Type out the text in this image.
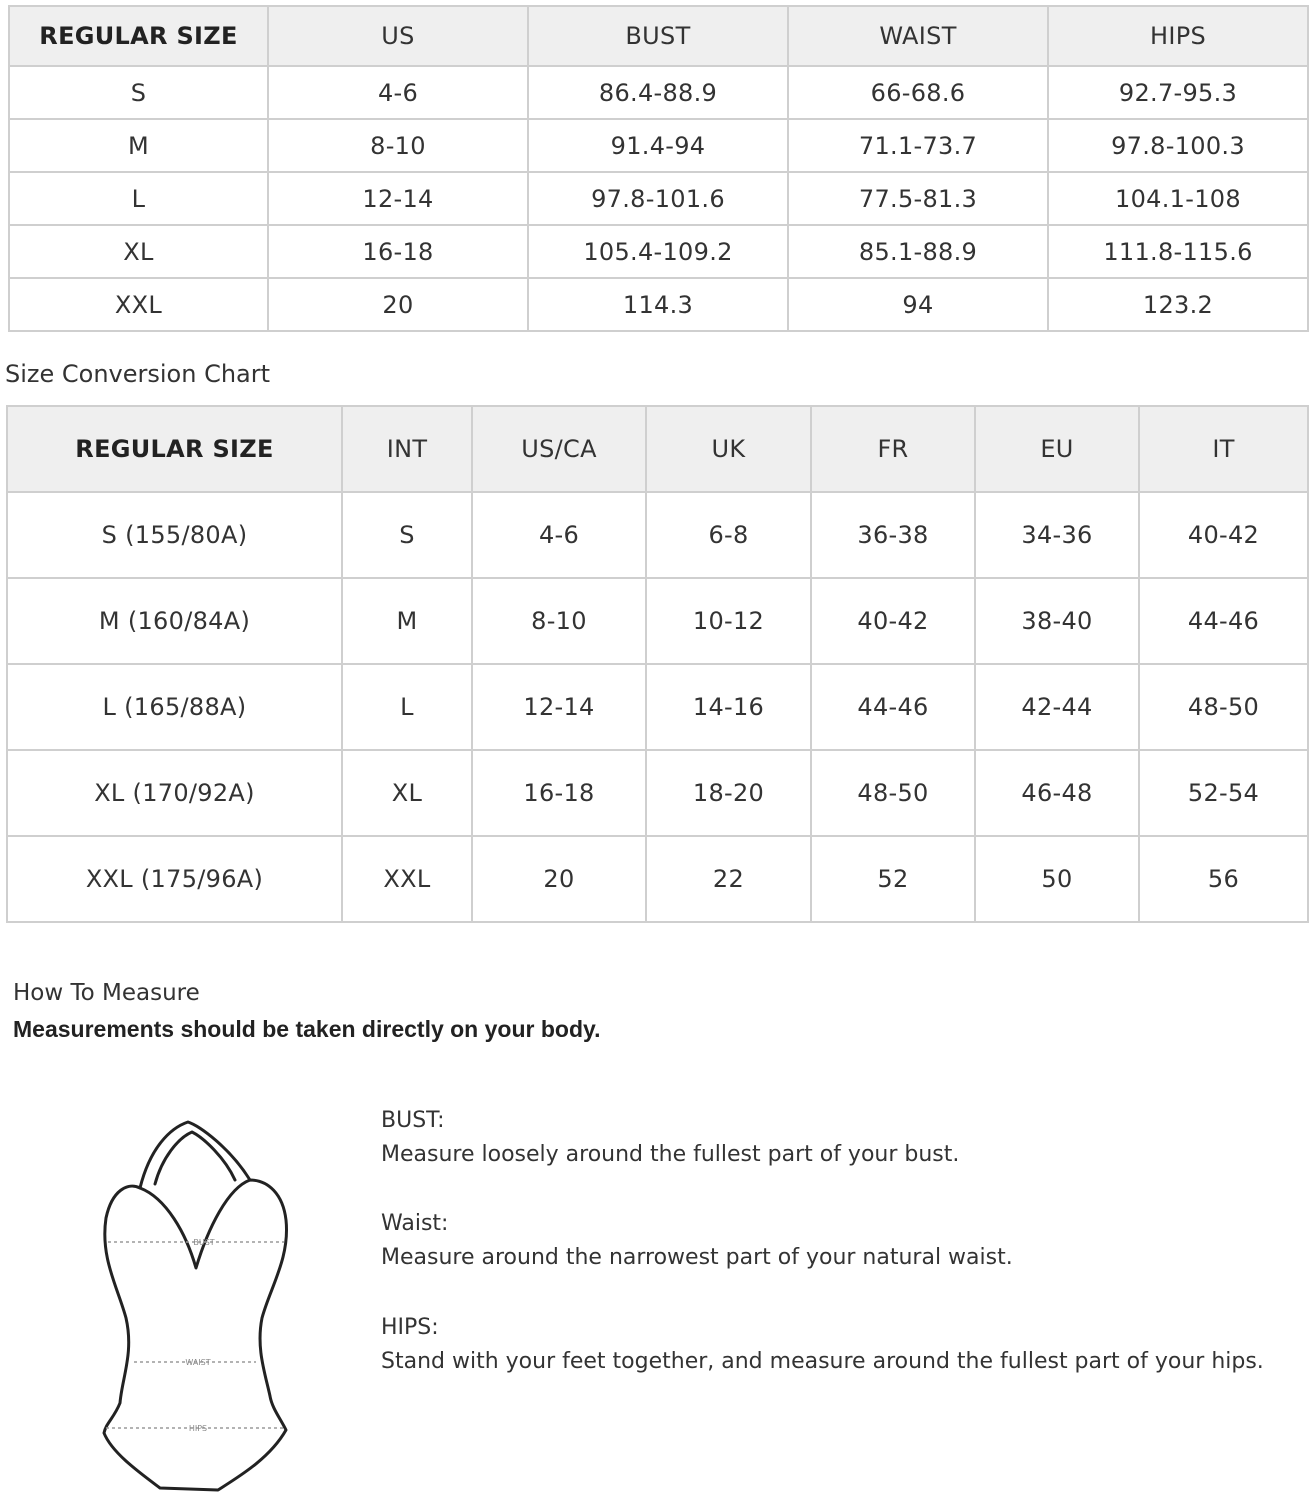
REGULAR SIZE	US	BUST	WAIST	HIPS
S	4-6	86.4-88.9	66-68.6	92.7-95.3
M	8-10	91.4-94	71.1-73.7	97.8-100.3
L	12-14	97.8-101.6	77.5-81.3	104.1-108
XL	16-18	105.4-109.2	85.1-88.9	111.8-115.6
XXL	20	114.3	94	123.2
Size Conversion Chart
REGULAR SIZE	INT	US/CA	UK	FR	EU	IT
S (155/80A)	S	4-6	6-8	36-38	34-36	40-42
M (160/84A)	M	8-10	10-12	40-42	38-40	44-46
L (165/88A)	L	12-14	14-16	44-46	42-44	48-50
XL (170/92A)	XL	16-18	18-20	48-50	46-48	52-54
XXL (175/96A)	XXL	20	22	52	50	56
How To Measure
Measurements should be taken directly on your body.
BUST
WAIST
HIPS
BUST:
Measure loosely around the fullest part of your bust.
Waist:
Measure around the narrowest part of your natural waist.
HIPS:
Stand with your feet together, and measure around the fullest part of your hips.
